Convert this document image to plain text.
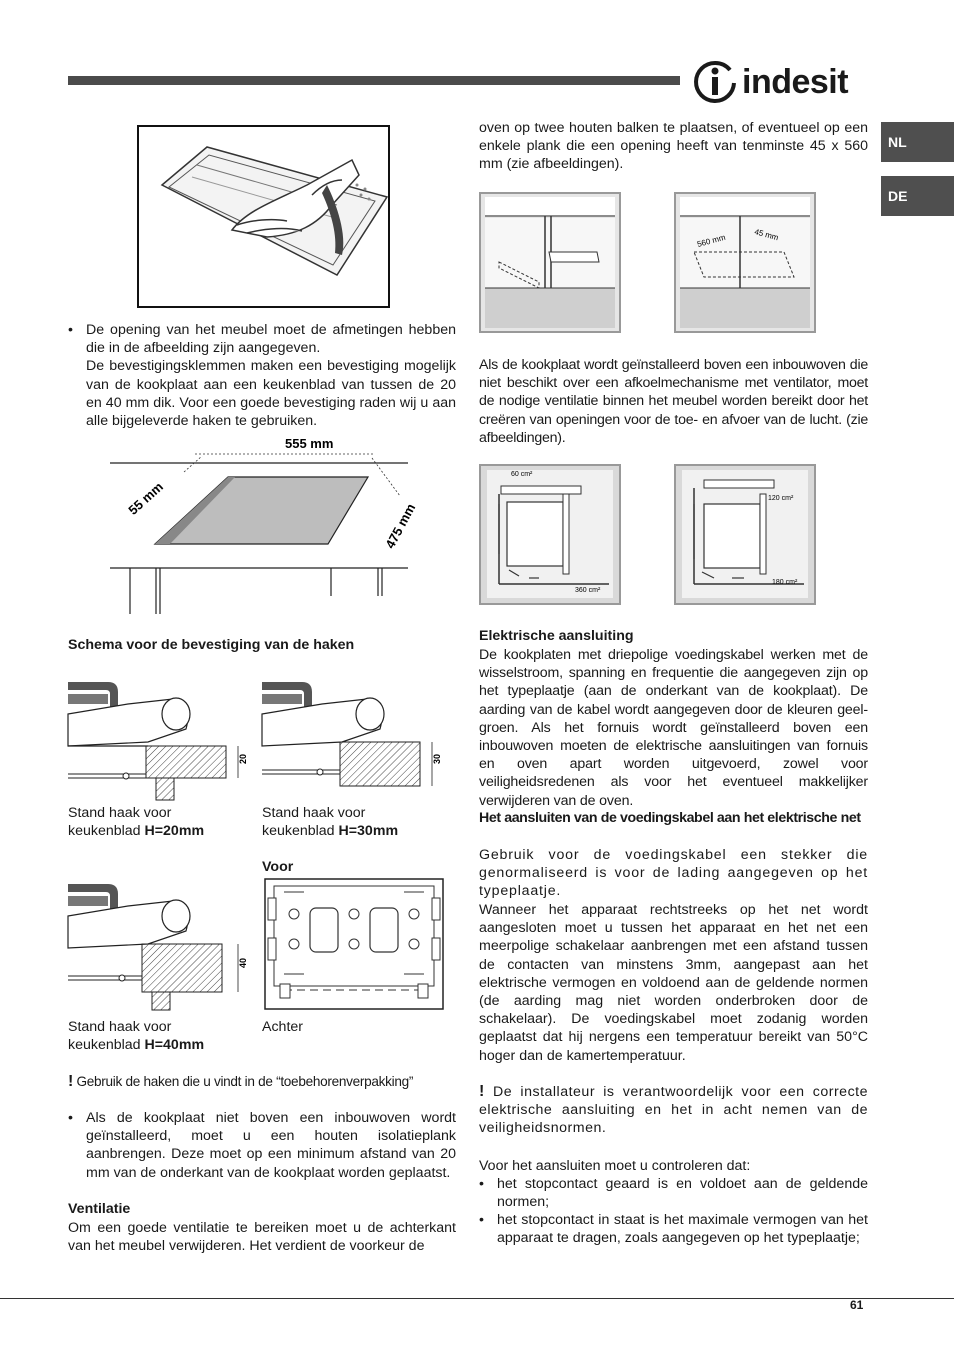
indesit
NL
DE
• De opening van het meubel moet de afmetingen hebben die in de afbeelding zijn aangegeven.
De bevestigingsklemmen maken een bevestiging mogelijk van de kookplaat aan een keukenblad van tussen de 20 en 40 mm dik. Voor een goede bevestiging raden wij u aan alle bijgeleverde haken te gebruiken.
555 mm
55 mm
475 mm
Schema voor de bevestiging van de haken
20	30
Stand haak voor
keukenblad H=20mm
Stand haak voor
keukenblad H=30mm
Voor
40
Stand haak voor
keukenblad H=40mm
Achter
! Gebruik de haken die u vindt in de “toebehorenverpakking”
• Als de kookplaat niet boven een inbouwoven wordt geïnstalleerd, moet u een houten isolatieplank aanbrengen. Deze moet op een minimum afstand van 20 mm van de onderkant van de kookplaat worden geplaatst.
Ventilatie
Om een goede ventilatie te bereiken moet u de achterkant van het meubel verwijderen. Het verdient de voorkeur de
oven op twee houten balken te plaatsen, of eventueel op een enkele plank die een opening heeft van tenminste 45 x 560 mm (zie afbeeldingen).
560 mm	45 mm
Als de kookplaat wordt geïnstalleerd boven een inbouwoven die niet beschikt over een afkoelmechanisme met ventilator, moet de nodige ventilatie binnen het meubel worden bereikt door het creëren van openingen voor de toe- en afvoer van de lucht. (zie afbeeldingen).
60 cm²
360 cm²
120 cm²
180 cm²
Elektrische aansluiting
De kookplaten met driepolige voedingskabel werken met de wisselstroom, spanning en frequentie die aangegeven zijn op het typeplaatje (aan de onderkant van de kookplaat). De aarding van de kabel wordt aangegeven door de kleuren geel-groen. Als het fornuis wordt geïnstalleerd boven een inbouwoven moeten de elektrische aansluitingen van fornuis en oven apart worden uitgevoerd, zowel voor veiligheidsredenen als voor het eventueel makkelijker verwijderen van de oven.
Het aansluiten van de voedingskabel aan het elektrische net
Gebruik voor de voedingskabel een stekker die genormaliseerd is voor de lading aangegeven op het typeplaatje.
Wanneer het apparaat rechtstreeks op het net wordt aangesloten moet u tussen het apparaat en het net een meerpolige schakelaar aanbrengen met een afstand tussen de contacten van minstens 3mm, aangepast aan het elektrische vermogen en voldoend aan de geldende normen (de aarding mag niet worden onderbroken door de schakelaar). De voedingskabel moet zodanig worden geplaatst dat hij nergens een temperatuur bereikt van 50°C hoger dan de kamertemperatuur.
! De installateur is verantwoordelijk voor een correcte elektrische aansluiting en het in acht nemen van de veiligheidsnormen.
Voor het aansluiten moet u controleren dat:
• het stopcontact geaard is en voldoet aan de geldende normen;
• het stopcontact in staat is het maximale vermogen van het apparaat te dragen, zoals aangegeven op het typeplaatje;
61
